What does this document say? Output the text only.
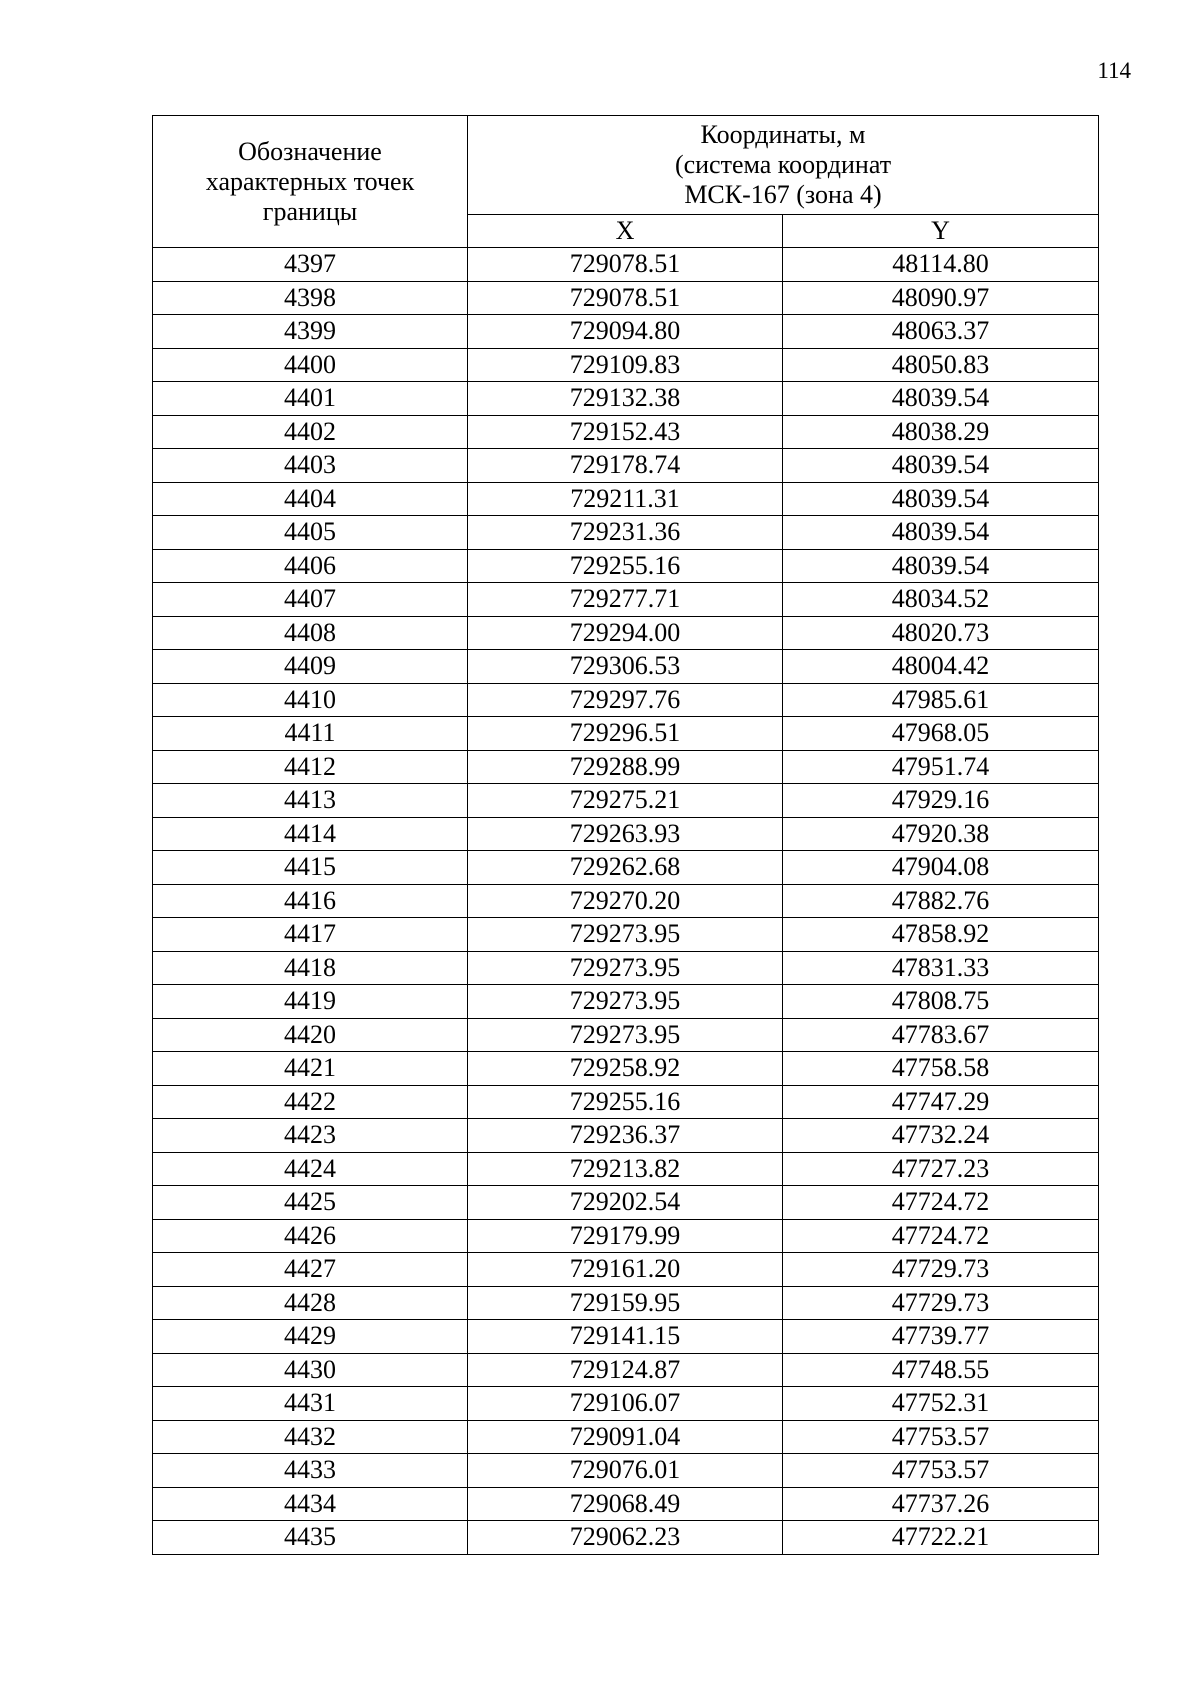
114
Обозначение характерных точек границы	Координаты, м
(система координат
МСК-167 (зона 4)	

	X	Y
4397	729078.51	48114.80
4398	729078.51	48090.97
4399	729094.80	48063.37
4400	729109.83	48050.83
4401	729132.38	48039.54
4402	729152.43	48038.29
4403	729178.74	48039.54
4404	729211.31	48039.54
4405	729231.36	48039.54
4406	729255.16	48039.54
4407	729277.71	48034.52
4408	729294.00	48020.73
4409	729306.53	48004.42
4410	729297.76	47985.61
4411	729296.51	47968.05
4412	729288.99	47951.74
4413	729275.21	47929.16
4414	729263.93	47920.38
4415	729262.68	47904.08
4416	729270.20	47882.76
4417	729273.95	47858.92
4418	729273.95	47831.33
4419	729273.95	47808.75
4420	729273.95	47783.67
4421	729258.92	47758.58
4422	729255.16	47747.29
4423	729236.37	47732.24
4424	729213.82	47727.23
4425	729202.54	47724.72
4426	729179.99	47724.72
4427	729161.20	47729.73
4428	729159.95	47729.73
4429	729141.15	47739.77
4430	729124.87	47748.55
4431	729106.07	47752.31
4432	729091.04	47753.57
4433	729076.01	47753.57
4434	729068.49	47737.26
4435	729062.23	47722.21
